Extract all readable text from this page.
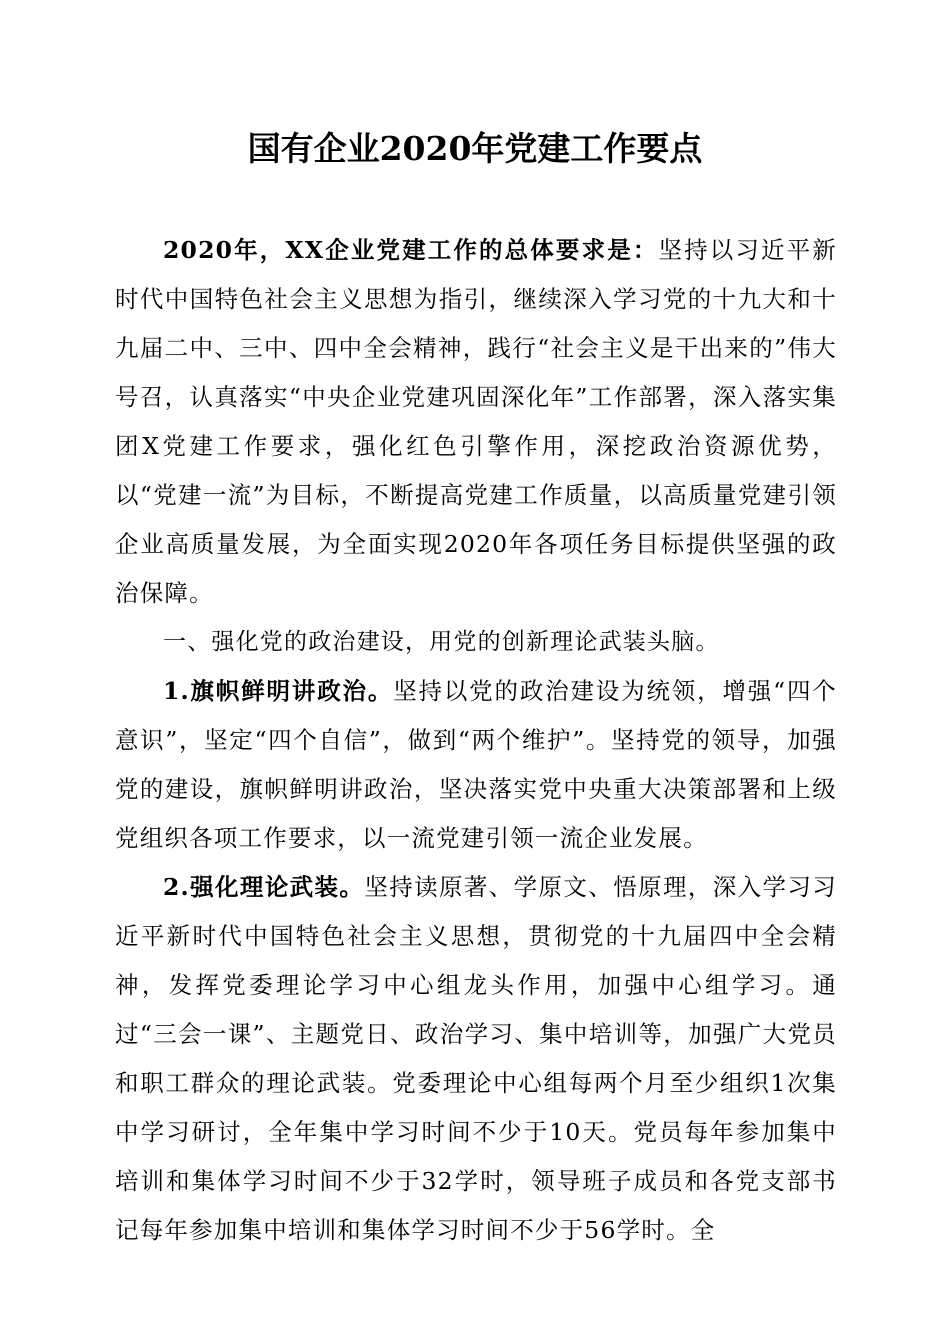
国有企业2020年党建工作要点

2020年，XX企业党建工作的总体要求是：坚持以习近平新时代中国特色社会主义思想为指引，继续深入学习党的十九大和十九届二中、三中、四中全会精神，践行“社会主义是干出来的”伟大号召，认真落实“中央企业党建巩固深化年”工作部署，深入落实集团X党建工作要求，强化红色引擎作用，深挖政治资源优势，以“党建一流”为目标，不断提高党建工作质量，以高质量党建引领企业高质量发展，为全面实现2020年各项任务目标提供坚强的政治保障。

一、强化党的政治建设，用党的创新理论武装头脑。

1.旗帜鲜明讲政治。坚持以党的政治建设为统领，增强“四个意识”，坚定“四个自信”，做到“两个维护”。坚持党的领导，加强党的建设，旗帜鲜明讲政治，坚决落实党中央重大决策部署和上级党组织各项工作要求，以一流党建引领一流企业发展。

2.强化理论武装。坚持读原著、学原文、悟原理，深入学习习近平新时代中国特色社会主义思想，贯彻党的十九届四中全会精神，发挥党委理论学习中心组龙头作用，加强中心组学习。通过“三会一课”、主题党日、政治学习、集中培训等，加强广大党员和职工群众的理论武装。党委理论中心组每两个月至少组织1次集中学习研讨，全年集中学习时间不少于10天。党员每年参加集中培训和集体学习时间不少于32学时，领导班子成员和各党支部书记每年参加集中培训和集体学习时间不少于56学时。全
